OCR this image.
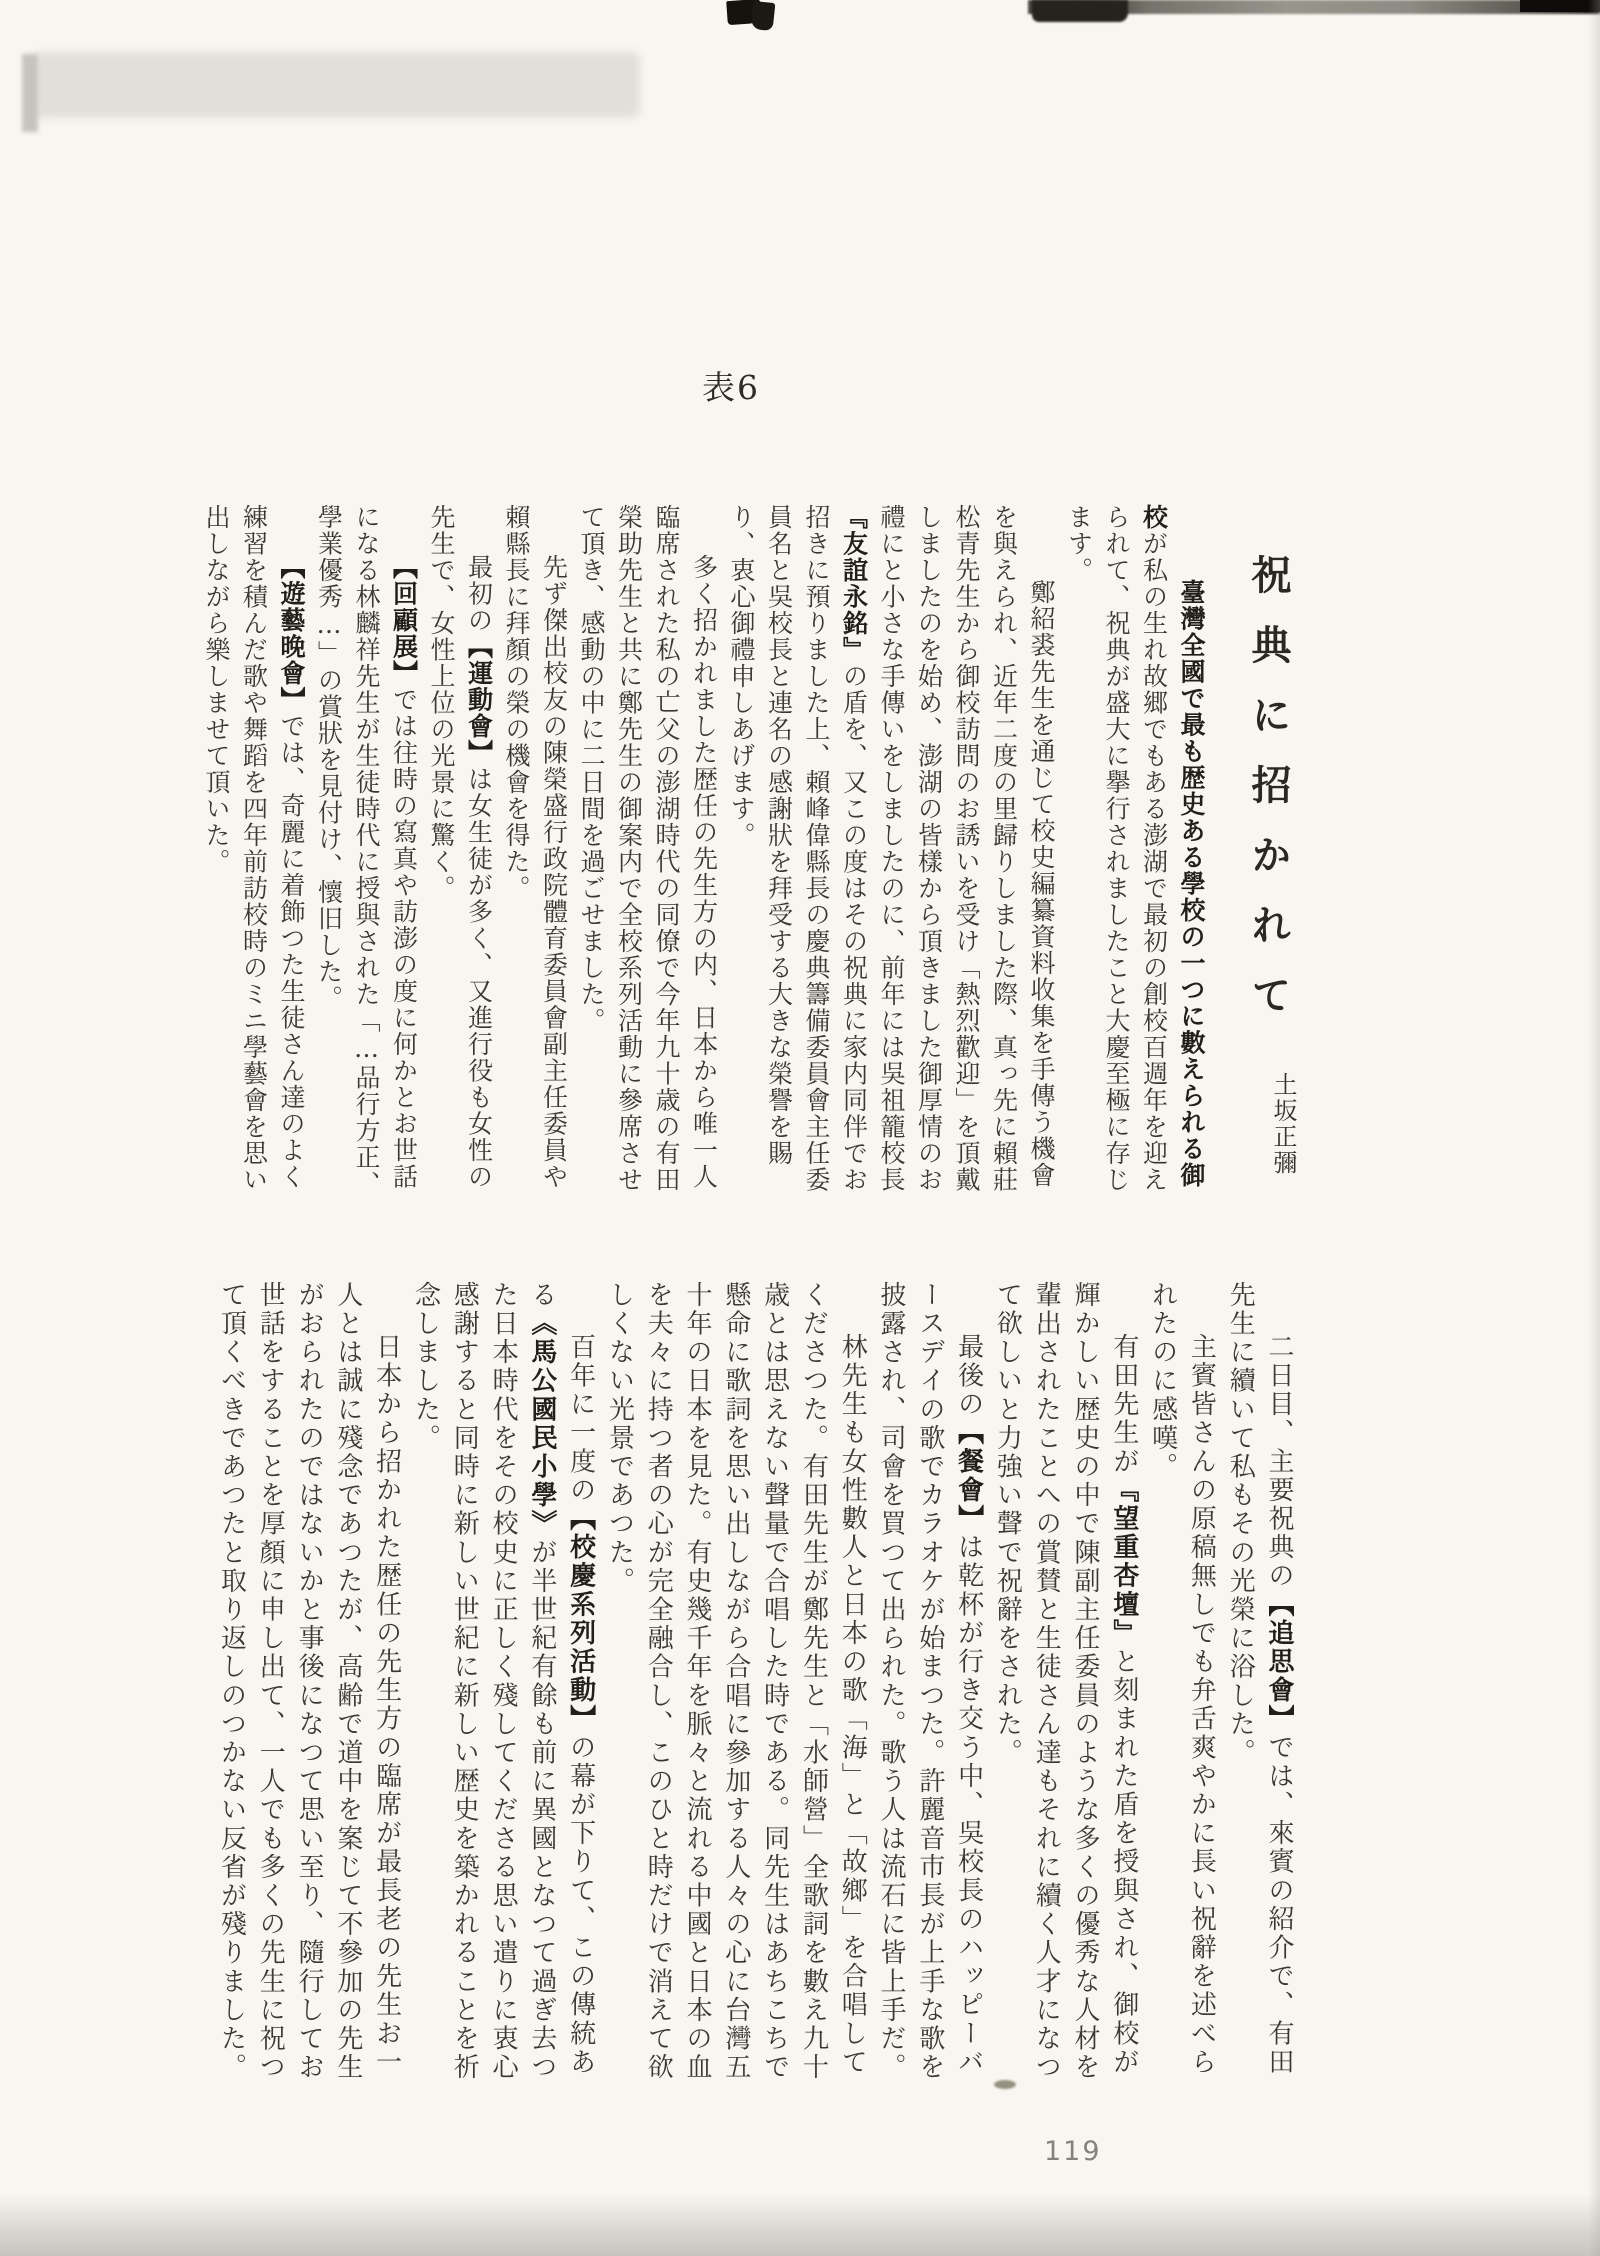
表6
祝典に招かれて
土坂正彌

臺灣全國で最も歴史ある學校の一つに數えられる御校が私の生れ故郷でもある澎湖で最初の創校百週年を迎えられて、祝典が盛大に擧行されましたこと大慶至極に存じます。

鄭紹裘先生を通じて校史編纂資料收集を手傳う機會を與えられ、近年二度の里歸りしました際、真っ先に賴莊松青先生から御校訪問のお誘いを受け「熱烈歡迎」を頂戴しましたのを始め、澎湖の皆樣から頂きました御厚情のお禮にと小さな手傳いをしましたのに、前年には吳祖籠校長『友誼永銘』の盾を、又この度はその祝典に家内同伴でお招きに預りました上、賴峰偉縣長の慶典籌備委員會主任委員名と吳校長と連名の感謝狀を拜受する大きな榮譽を賜り、衷心御禮申しあげます。

多く招かれました歴任の先生方の内、日本から唯一人臨席された私の亡父の澎湖時代の同僚で今年九十歳の有田榮助先生と共に鄭先生の御案内で全校系列活動に參席させて頂き、感動の中に二日間を過ごせました。

先ず傑出校友の陳榮盛行政院體育委員會副主任委員や賴縣長に拜顏の榮の機會を得た。

最初の【運動會】は女生徒が多く、又進行役も女性の先生で、女性上位の光景に驚く。

【回顧展】では往時の寫真や訪澎の度に何かとお世話になる林麟祥先生が生徒時代に授與された「…品行方正、學業優秀…」の賞狀を見付け、懷旧した。

【遊藝晚會】では、奇麗に着飾つた生徒さん達のよく練習を積んだ歌や舞蹈を四年前訪校時のミニ學藝會を思い出しながら樂しませて頂いた。

二日目、主要祝典の【追思會】では、來賓の紹介で、有田先生に續いて私もその光榮に浴した。

主賓皆さんの原稿無しでも弁舌爽やかに長い祝辭を述べられたのに感嘆。

有田先生が『望重杏壇』と刻まれた盾を授與され、御校が輝かしい歴史の中で陳副主任委員のような多くの優秀な人材を輩出されたことへの賞賛と生徒さん達もそれに續く人才になつて欲しいと力強い聲で祝辭をされた。

最後の【餐會】は乾杯が行き交う中、吳校長のハッピーバースデイの歌でカラオケが始まつた。許麗音市長が上手な歌を披露され、司會を買つて出られた。歌う人は流石に皆上手だ。

林先生も女性數人と日本の歌「海」と「故鄉」を合唱してくださつた。有田先生が鄭先生と「水師營」全歌詞を數え九十歳とは思えない聲量で合唱した時である。同先生はあちこちで懸命に歌詞を思い出しながら合唱に參加する人々の心に台灣五十年の日本を見た。有史幾千年を脈々と流れる中國と日本の血を夫々に持つ者の心が完全融合し、このひと時だけで消えて欲しくない光景であつた。

百年に一度の【校慶系列活動】の幕が下りて、この傳統ある《馬公國民小學》が半世紀有餘も前に異國となつて過ぎ去つた日本時代をその校史に正しく殘してくださる思い遣りに衷心感謝すると同時に新しい世紀に新しい歴史を築かれることを祈念しました。

日本から招かれた歴任の先生方の臨席が最長老の先生お一人とは誠に殘念であつたが、高齢で道中を案じて不參加の先生がおられたのではないかと事後になつて思い至り、隨行してお世話をすることを厚顏に申し出て、一人でも多くの先生に祝つて頂くべきであつたと取り返しのつかない反省が殘りました。

119
